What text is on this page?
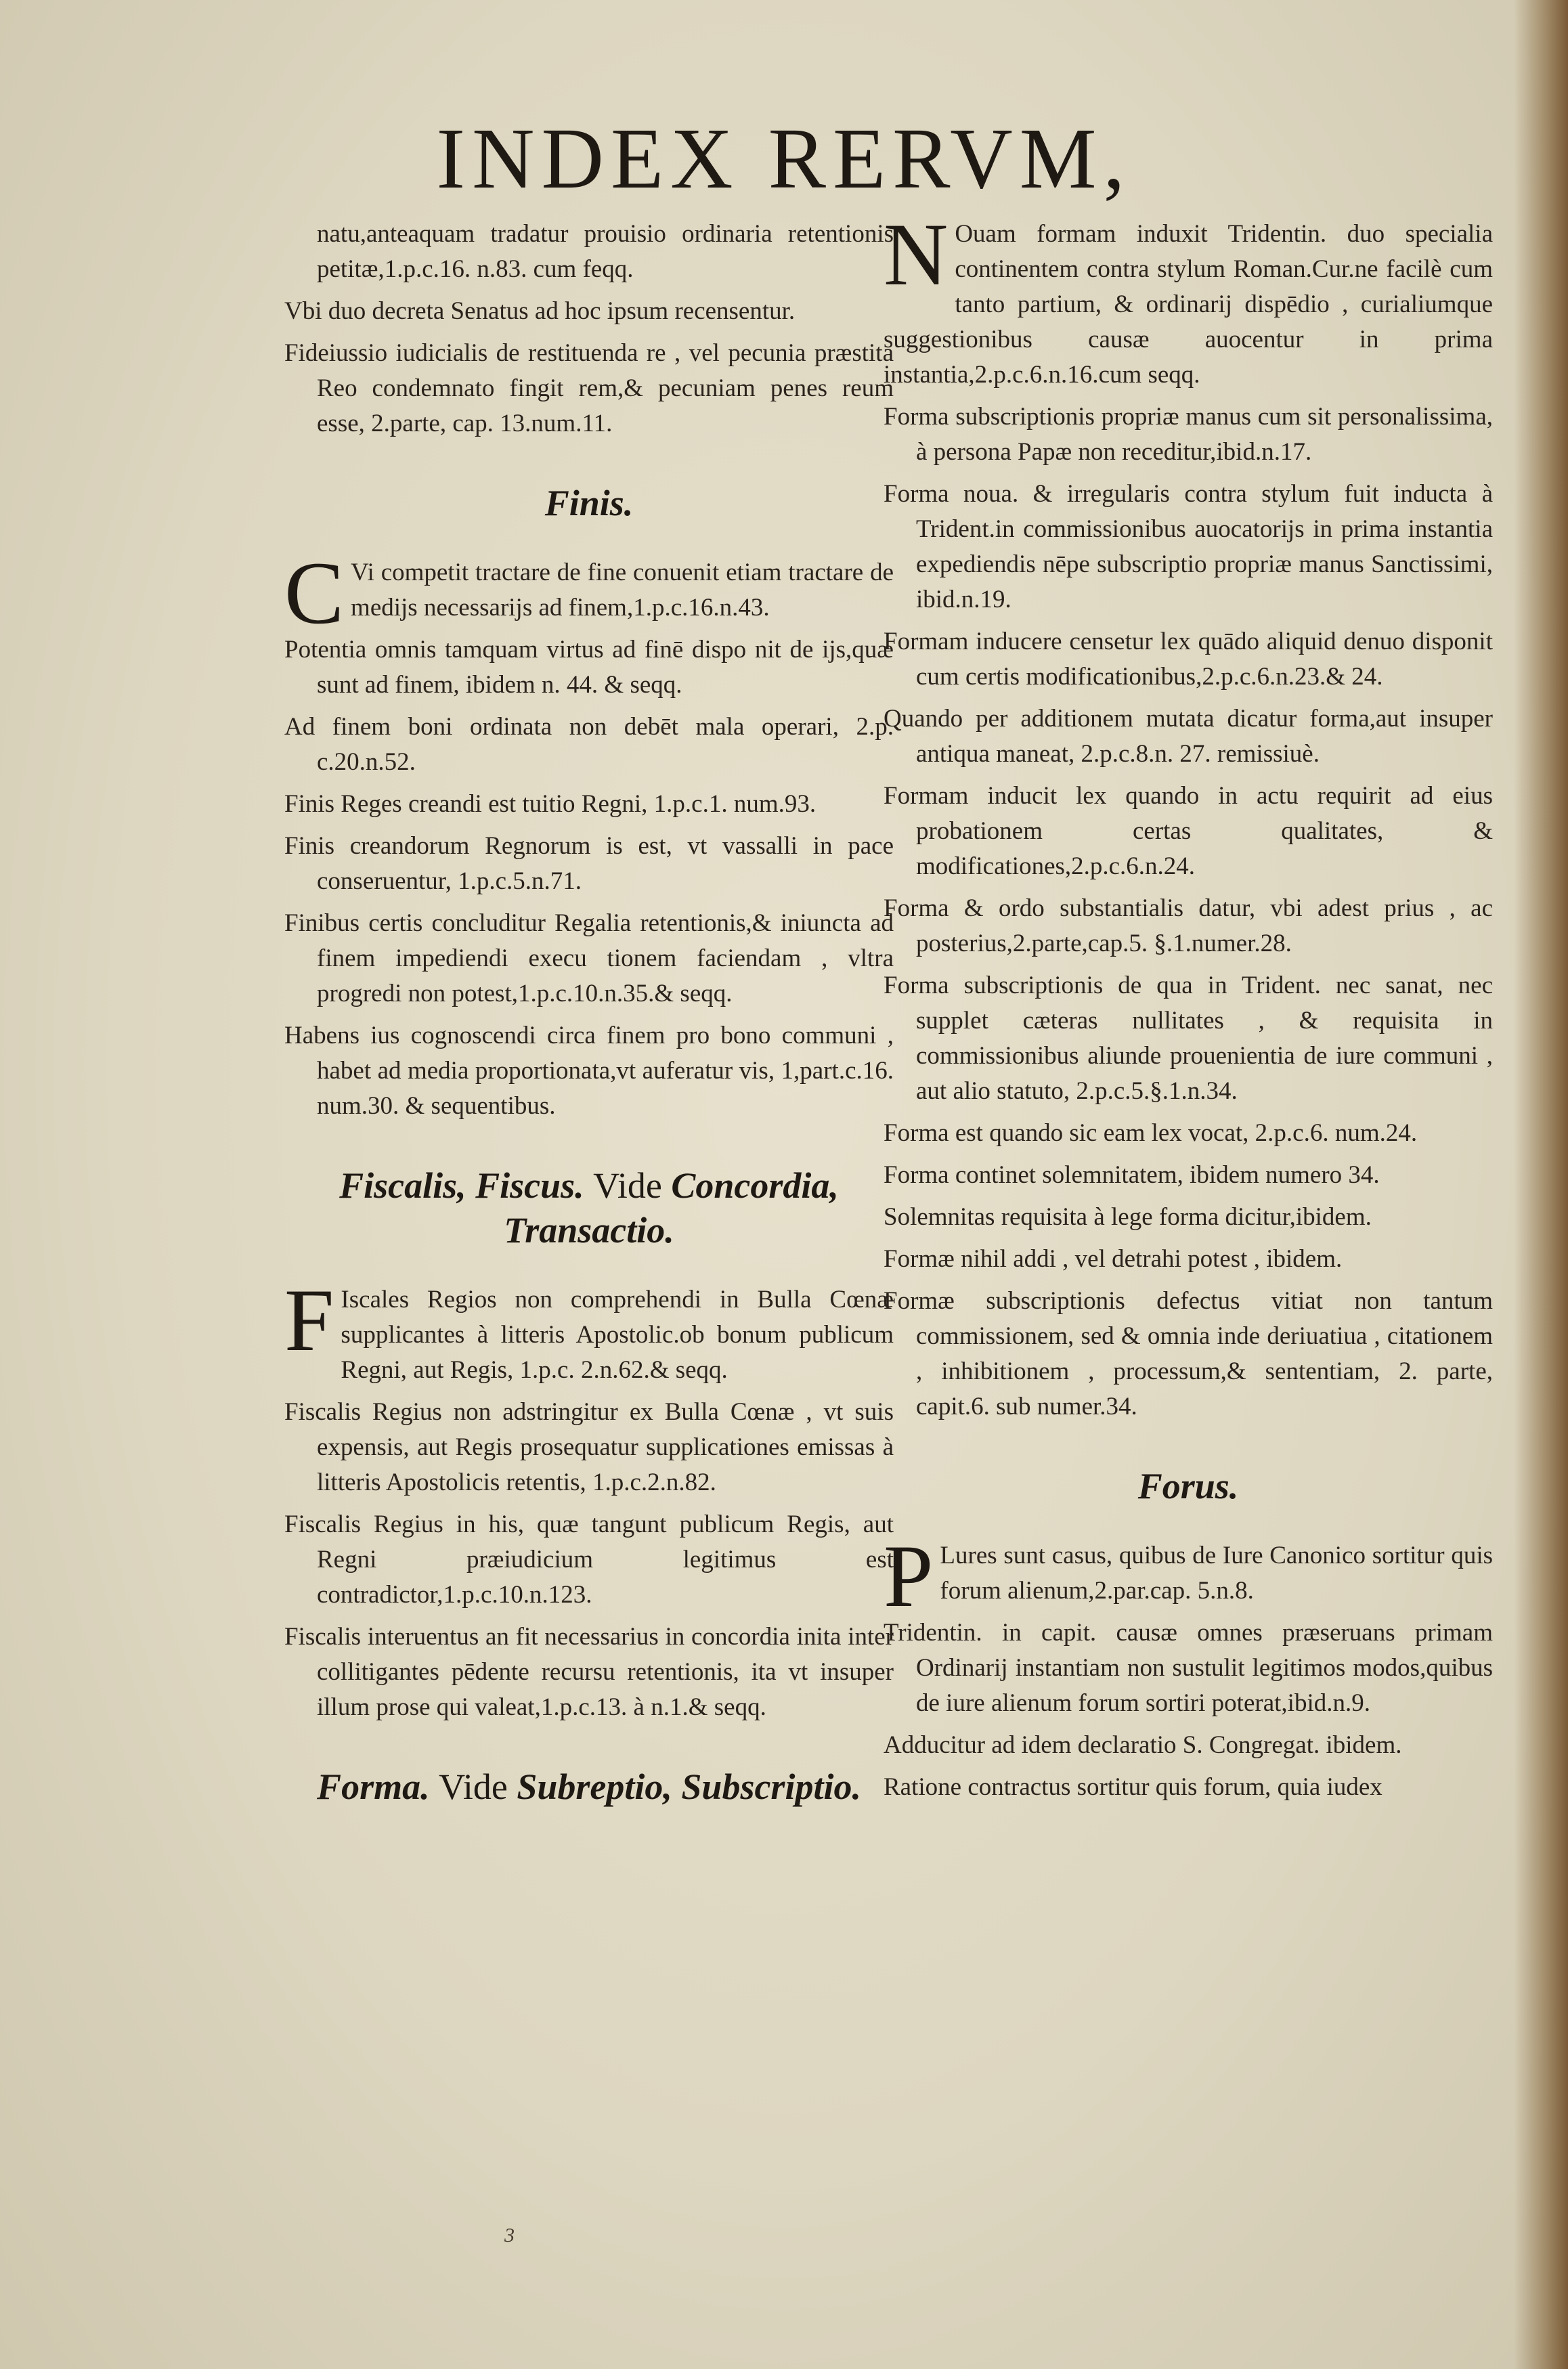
INDEX RERVM,
natu,anteaquam tradatur prouisio ordinaria retentionis petitæ,1.p.c.16. n.83. cum feqq.
Vbi duo decreta Senatus ad hoc ipsum recensentur.
Fideiussio iudicialis de restituenda re , vel pecunia præstita Reo condemnato fingit rem,& pecuniam penes reum esse, 2.parte, cap. 13.num.11.
Finis.
C Vi competit tractare de fine conuenit etiam tractare de medijs necessarijs ad finem,1.p.c.16.n.43.
Potentia omnis tamquam virtus ad finē dispo nit de ijs,quæ sunt ad finem, ibidem n. 44. & seqq.
Ad finem boni ordinata non debēt mala operari, 2.p. c.20.n.52.
Finis Reges creandi est tuitio Regni, 1.p.c.1. num.93.
Finis creandorum Regnorum is est, vt vassalli in pace conseruentur, 1.p.c.5.n.71.
Finibus certis concluditur Regalia retentionis,& iniuncta ad finem impediendi execu tionem faciendam , vltra progredi non potest,1.p.c.10.n.35.& seqq.
Habens ius cognoscendi circa finem pro bono communi , habet ad media proportionata,vt auferatur vis, 1,part.c.16. num.30. & sequentibus.
Fiscalis, Fiscus. Vide Concordia, Transactio.
F Iscales Regios non comprehendi in Bulla Cœnæ supplicantes à litteris Apostolic.ob bonum publicum Regni, aut Regis, 1.p.c. 2.n.62.& seqq.
Fiscalis Regius non adstringitur ex Bulla Cœnæ , vt suis expensis, aut Regis prosequatur supplicationes emissas à litteris Apostolicis retentis, 1.p.c.2.n.82.
Fiscalis Regius in his, quæ tangunt publicum Regis, aut Regni præiudicium legitimus est contradictor,1.p.c.10.n.123.
Fiscalis interuentus an fit necessarius in concordia inita inter collitigantes pēdente recursu retentionis, ita vt insuper illum prose qui valeat,1.p.c.13. à n.1.& seqq.
Forma. Vide Subreptio, Subscriptio.
N Ouam formam induxit Tridentin. duo specialia continentem contra stylum Roman.Cur.ne facilè cum tanto partium, & ordinarij dispēdio , curialiumque suggestionibus causæ auocentur in prima instantia,2.p.c.6.n.16.cum seqq.
Forma subscriptionis propriæ manus cum sit personalissima, à persona Papæ non receditur,ibid.n.17.
Forma noua. & irregularis contra stylum fuit inducta à Trident.in commissionibus auocatorijs in prima instantia expediendis nēpe subscriptio propriæ manus Sanctissimi, ibid.n.19.
Formam inducere censetur lex quādo aliquid denuo disponit cum certis modificationibus,2.p.c.6.n.23.& 24.
Quando per additionem mutata dicatur forma,aut insuper antiqua maneat, 2.p.c.8.n. 27. remissiuè.
Formam inducit lex quando in actu requirit ad eius probationem certas qualitates, & modificationes,2.p.c.6.n.24.
Forma & ordo substantialis datur, vbi adest prius , ac posterius,2.parte,cap.5. §.1.numer.28.
Forma subscriptionis de qua in Trident. nec sanat, nec supplet cæteras nullitates , & requisita in commissionibus aliunde prouenientia de iure communi , aut alio statuto, 2.p.c.5.§.1.n.34.
Forma est quando sic eam lex vocat, 2.p.c.6. num.24.
Forma continet solemnitatem, ibidem numero 34.
Solemnitas requisita à lege forma dicitur,ibidem.
Formæ nihil addi , vel detrahi potest , ibidem.
Formæ subscriptionis defectus vitiat non tantum commissionem, sed & omnia inde deriuatiua , citationem , inhibitionem , processum,& sententiam, 2. parte, capit.6. sub numer.34.
Forus.
P Lures sunt casus, quibus de Iure Canonico sortitur quis forum alienum,2.par.cap. 5.n.8.
Tridentin. in capit. causæ omnes præseruans primam Ordinarij instantiam non sustulit legitimos modos,quibus de iure alienum forum sortiri poterat,ibid.n.9.
Adducitur ad idem declaratio S. Congregat. ibidem.
Ratione contractus sortitur quis forum, quia iudex
3
